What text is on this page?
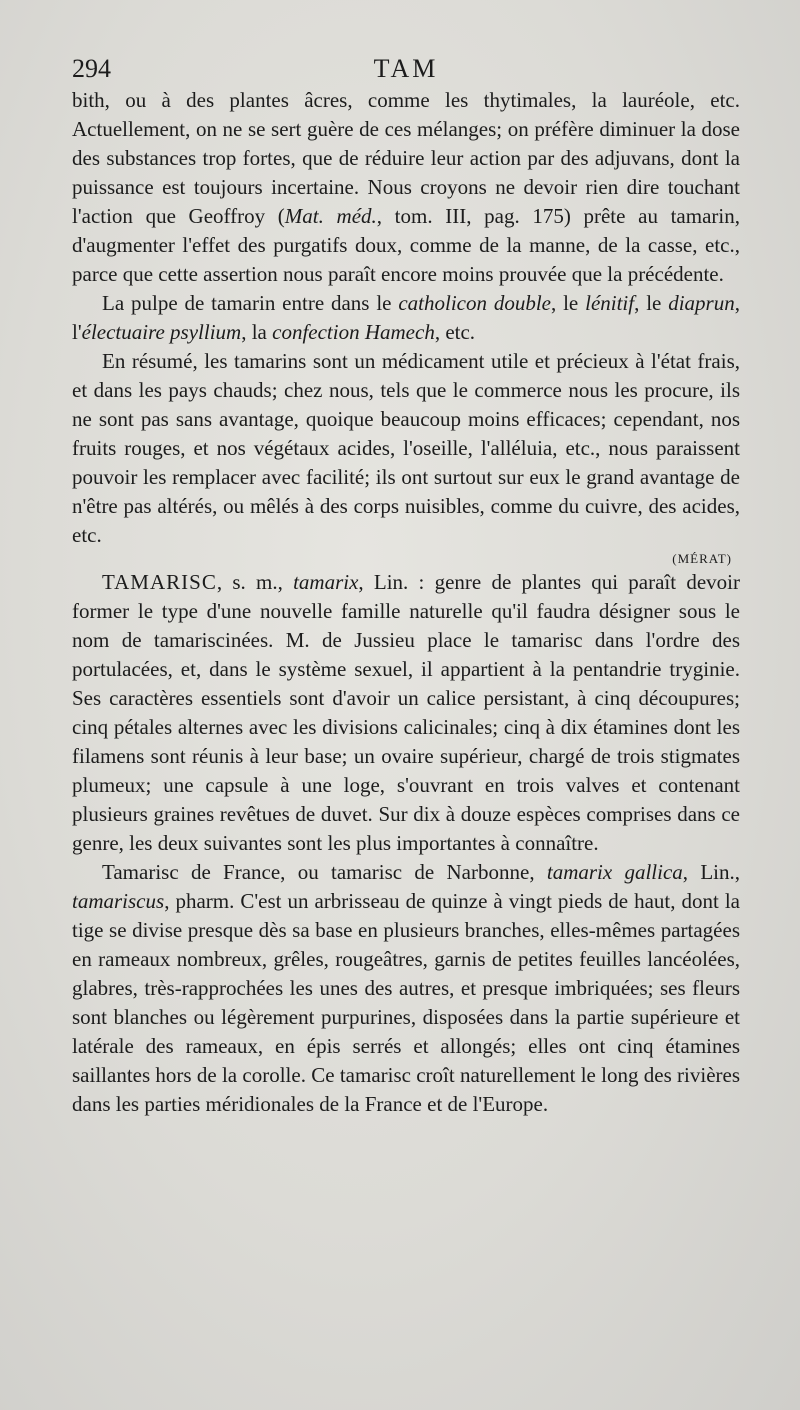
294	TAM

bith, ou à des plantes âcres, comme les thytimales, la lauréole, etc. Actuellement, on ne se sert guère de ces mélanges; on préfère diminuer la dose des substances trop fortes, que de réduire leur action par des adjuvans, dont la puissance est toujours incertaine. Nous croyons ne devoir rien dire touchant l'action que Geoffroy (Mat. méd., tom. III, pag. 175) prête au tamarin, d'augmenter l'effet des purgatifs doux, comme de la manne, de la casse, etc., parce que cette assertion nous paraît encore moins prouvée que la précédente.

La pulpe de tamarin entre dans le catholicon double, le lénitif, le diaprun, l'électuaire psyllium, la confection Hamech, etc.

En résumé, les tamarins sont un médicament utile et précieux à l'état frais, et dans les pays chauds; chez nous, tels que le commerce nous les procure, ils ne sont pas sans avantage, quoique beaucoup moins efficaces; cependant, nos fruits rouges, et nos végétaux acides, l'oseille, l'alléluia, etc., nous paraissent pouvoir les remplacer avec facilité; ils ont surtout sur eux le grand avantage de n'être pas altérés, ou mêlés à des corps nuisibles, comme du cuivre, des acides, etc.

(MÉRAT)

TAMARISC, s. m., tamarix, Lin. : genre de plantes qui paraît devoir former le type d'une nouvelle famille naturelle qu'il faudra désigner sous le nom de tamariscinées. M. de Jussieu place le tamarisc dans l'ordre des portulacées, et, dans le système sexuel, il appartient à la pentandrie tryginie. Ses caractères essentiels sont d'avoir un calice persistant, à cinq découpures; cinq pétales alternes avec les divisions calicinales; cinq à dix étamines dont les filamens sont réunis à leur base; un ovaire supérieur, chargé de trois stigmates plumeux; une capsule à une loge, s'ouvrant en trois valves et contenant plusieurs graines revêtues de duvet. Sur dix à douze espèces comprises dans ce genre, les deux suivantes sont les plus importantes à connaître.

Tamarisc de France, ou tamarisc de Narbonne, tamarix gallica, Lin., tamariscus, pharm. C'est un arbrisseau de quinze à vingt pieds de haut, dont la tige se divise presque dès sa base en plusieurs branches, elles-mêmes partagées en rameaux nombreux, grêles, rougeâtres, garnis de petites feuilles lancéolées, glabres, très-rapprochées les unes des autres, et presque imbriquées; ses fleurs sont blanches ou légèrement purpurines, disposées dans la partie supérieure et latérale des rameaux, en épis serrés et allongés; elles ont cinq étamines saillantes hors de la corolle. Ce tamarisc croît naturellement le long des rivières dans les parties méridionales de la France et de l'Europe.
